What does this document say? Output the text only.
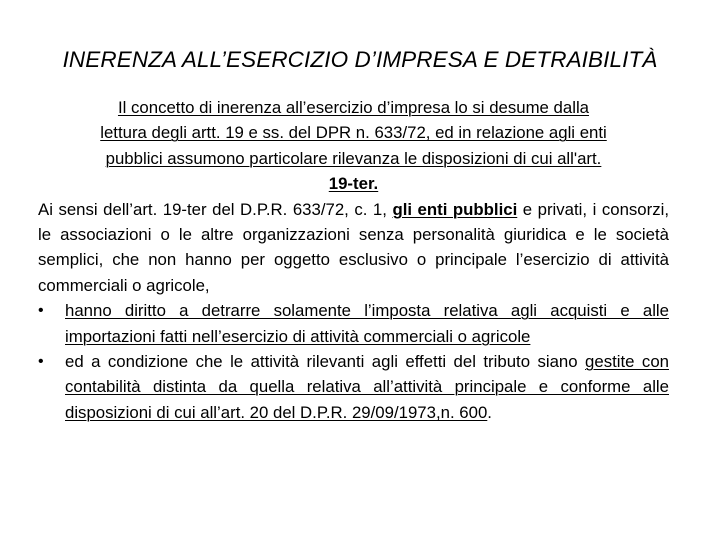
INERENZA ALL’ESERCIZIO D’IMPRESA E DETRAIBILITÀ
Il concetto di inerenza all’esercizio d’impresa lo si desume dalla
lettura degli artt. 19 e ss. del DPR n. 633/72, ed in relazione agli enti
pubblici assumono particolare rilevanza le disposizioni di cui all'art.
19-ter.
Ai sensi dell’art. 19-ter del D.P.R. 633/72, c. 1, gli enti pubblici e privati, i consorzi, le associazioni o le altre organizzazioni senza personalità giuridica e le società semplici, che non hanno per oggetto esclusivo o principale l’esercizio di attività commerciali o agricole,
•	hanno diritto a detrarre solamente l’imposta relativa agli acquisti e alle importazioni fatti nell’esercizio di attività commerciali o agricole
•	ed a condizione che le attività rilevanti agli effetti del tributo siano gestite con contabilità distinta da quella relativa all’attività principale e conforme alle disposizioni di cui all’art. 20 del D.P.R. 29/09/1973,n. 600.
